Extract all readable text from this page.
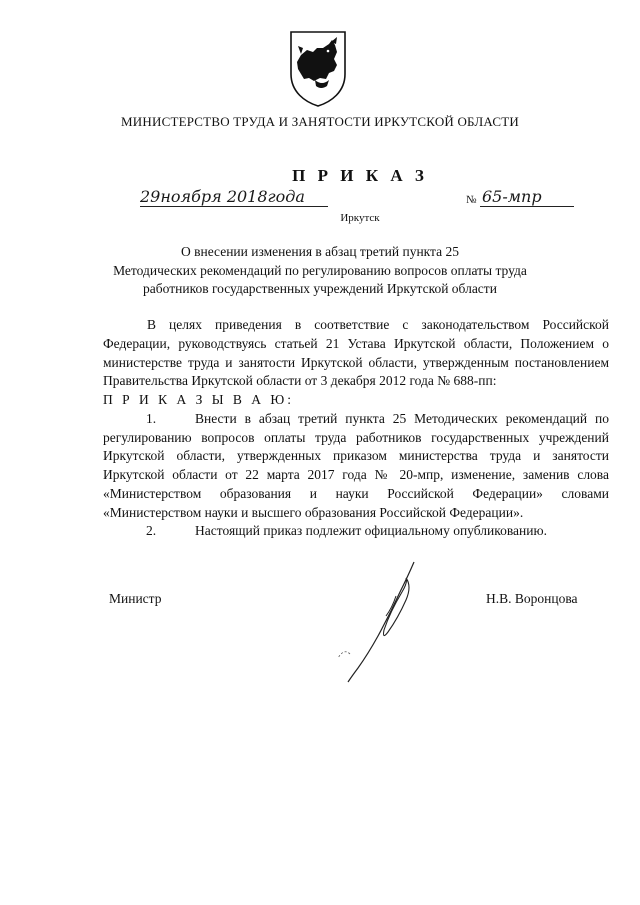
МИНИСТЕРСТВО ТРУДА И ЗАНЯТОСТИ ИРКУТСКОЙ ОБЛАСТИ
П Р И К А З
29ноября 2018года	№ 65-мпр
Иркутск
О внесении изменения в абзац третий пункта 25
Методических рекомендаций по регулированию вопросов оплаты труда
работников государственных учреждений Иркутской области

В целях приведения в соответствие с законодательством Российской Федерации, руководствуясь статьей 21 Устава Иркутской области, Положением о министерстве труда и занятости Иркутской области, утвержденным постановлением Правительства Иркутской области от 3 декабря 2012 года № 688-пп:

П Р И К А З Ы В А Ю:

1.	Внести в абзац третий пункта 25 Методических рекомендаций по регулированию вопросов оплаты труда работников государственных учреждений Иркутской области, утвержденных приказом министерства труда и занятости Иркутской области от 22 марта 2017 года № 20-мпр, изменение, заменив слова «Министерством образования и науки Российской Федерации» словами «Министерством науки и высшего образования Российской Федерации».

2.	Настоящий приказ подлежит официальному опубликованию.

Министр	Н.В. Воронцова
